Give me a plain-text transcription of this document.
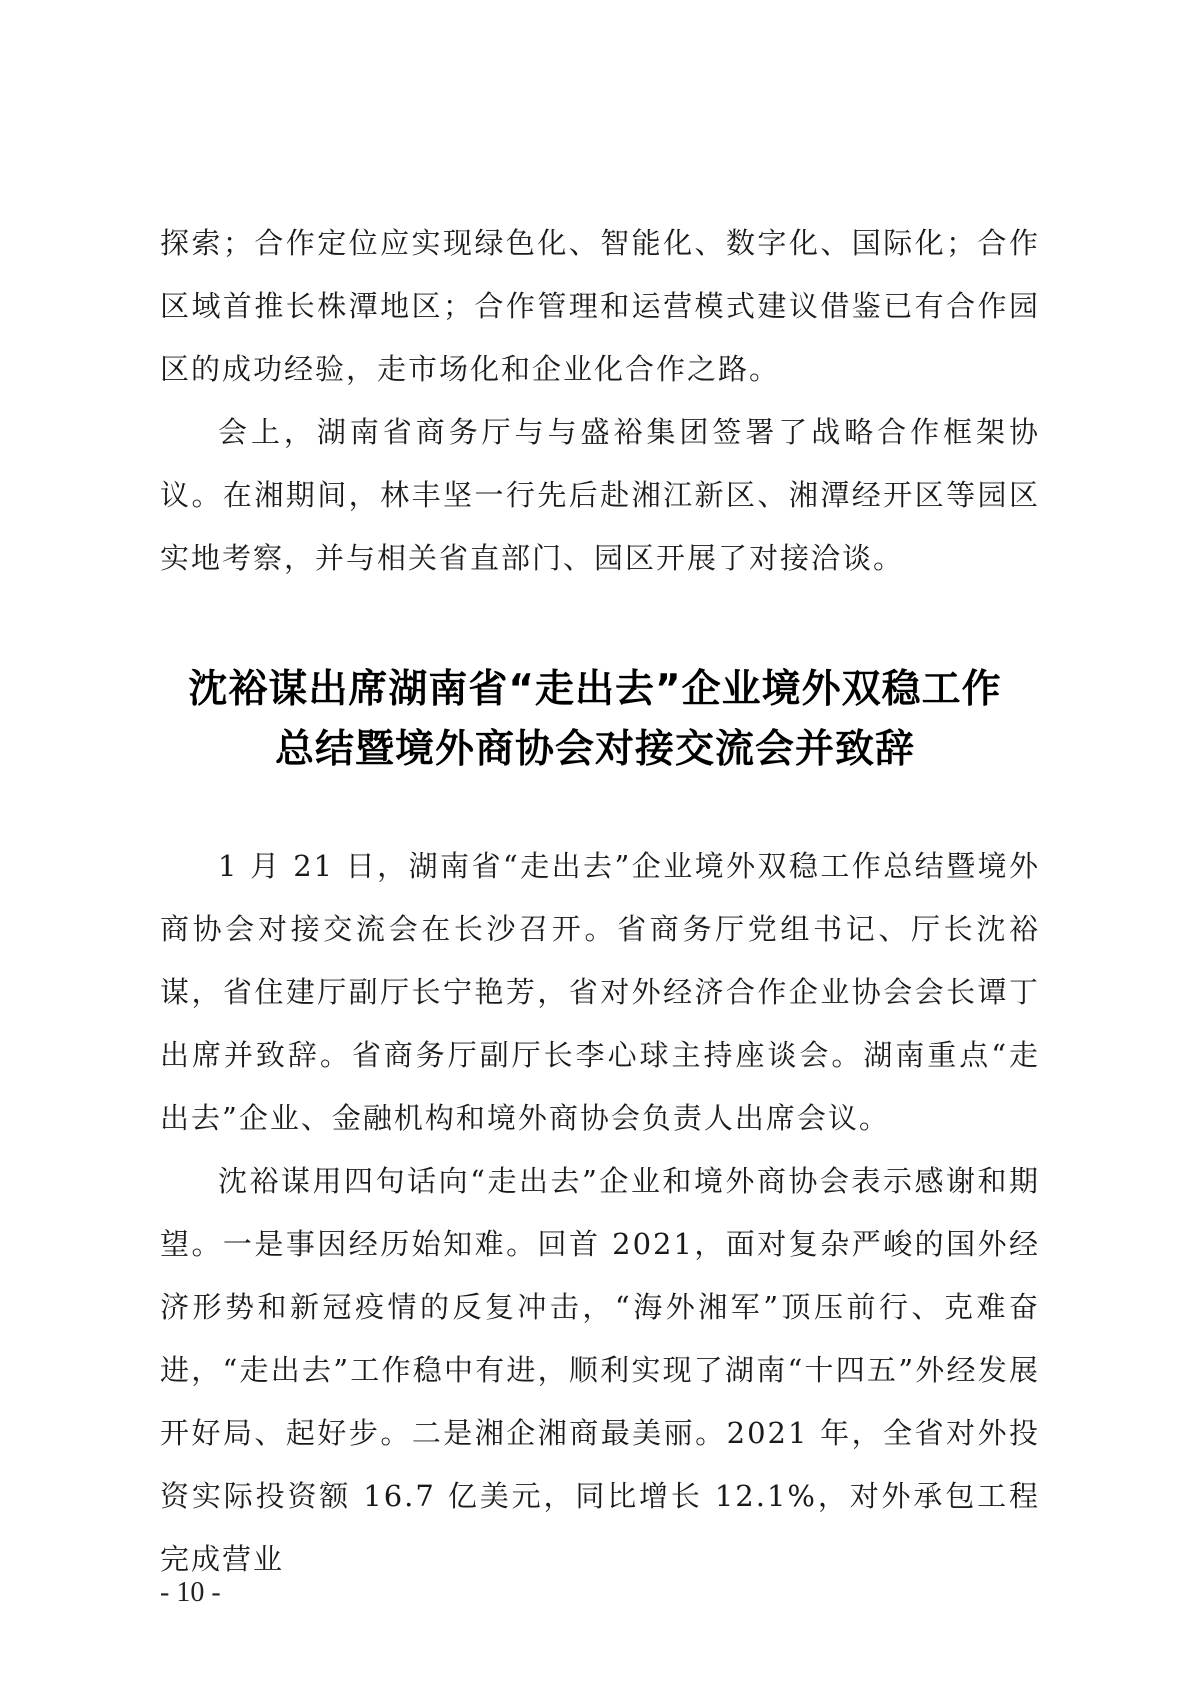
探索；合作定位应实现绿色化、智能化、数字化、国际化；合作区域首推长株潭地区；合作管理和运营模式建议借鉴已有合作园区的成功经验，走市场化和企业化合作之路。

会上，湖南省商务厅与与盛裕集团签署了战略合作框架协议。在湘期间，林丰坚一行先后赴湘江新区、湘潭经开区等园区实地考察，并与相关省直部门、园区开展了对接洽谈。

沈裕谋出席湖南省“走出去”企业境外双稳工作
总结暨境外商协会对接交流会并致辞

1 月 21 日，湖南省“走出去”企业境外双稳工作总结暨境外商协会对接交流会在长沙召开。省商务厅党组书记、厅长沈裕谋，省住建厅副厅长宁艳芳，省对外经济合作企业协会会长谭丁出席并致辞。省商务厅副厅长李心球主持座谈会。湖南重点“走出去”企业、金融机构和境外商协会负责人出席会议。

沈裕谋用四句话向“走出去”企业和境外商协会表示感谢和期望。一是事因经历始知难。回首 2021，面对复杂严峻的国外经济形势和新冠疫情的反复冲击，“海外湘军”顶压前行、克难奋进，“走出去”工作稳中有进，顺利实现了湖南“十四五”外经发展开好局、起好步。二是湘企湘商最美丽。2021 年，全省对外投资实际投资额 16.7 亿美元，同比增长 12.1%，对外承包工程完成营业

- 10 -
